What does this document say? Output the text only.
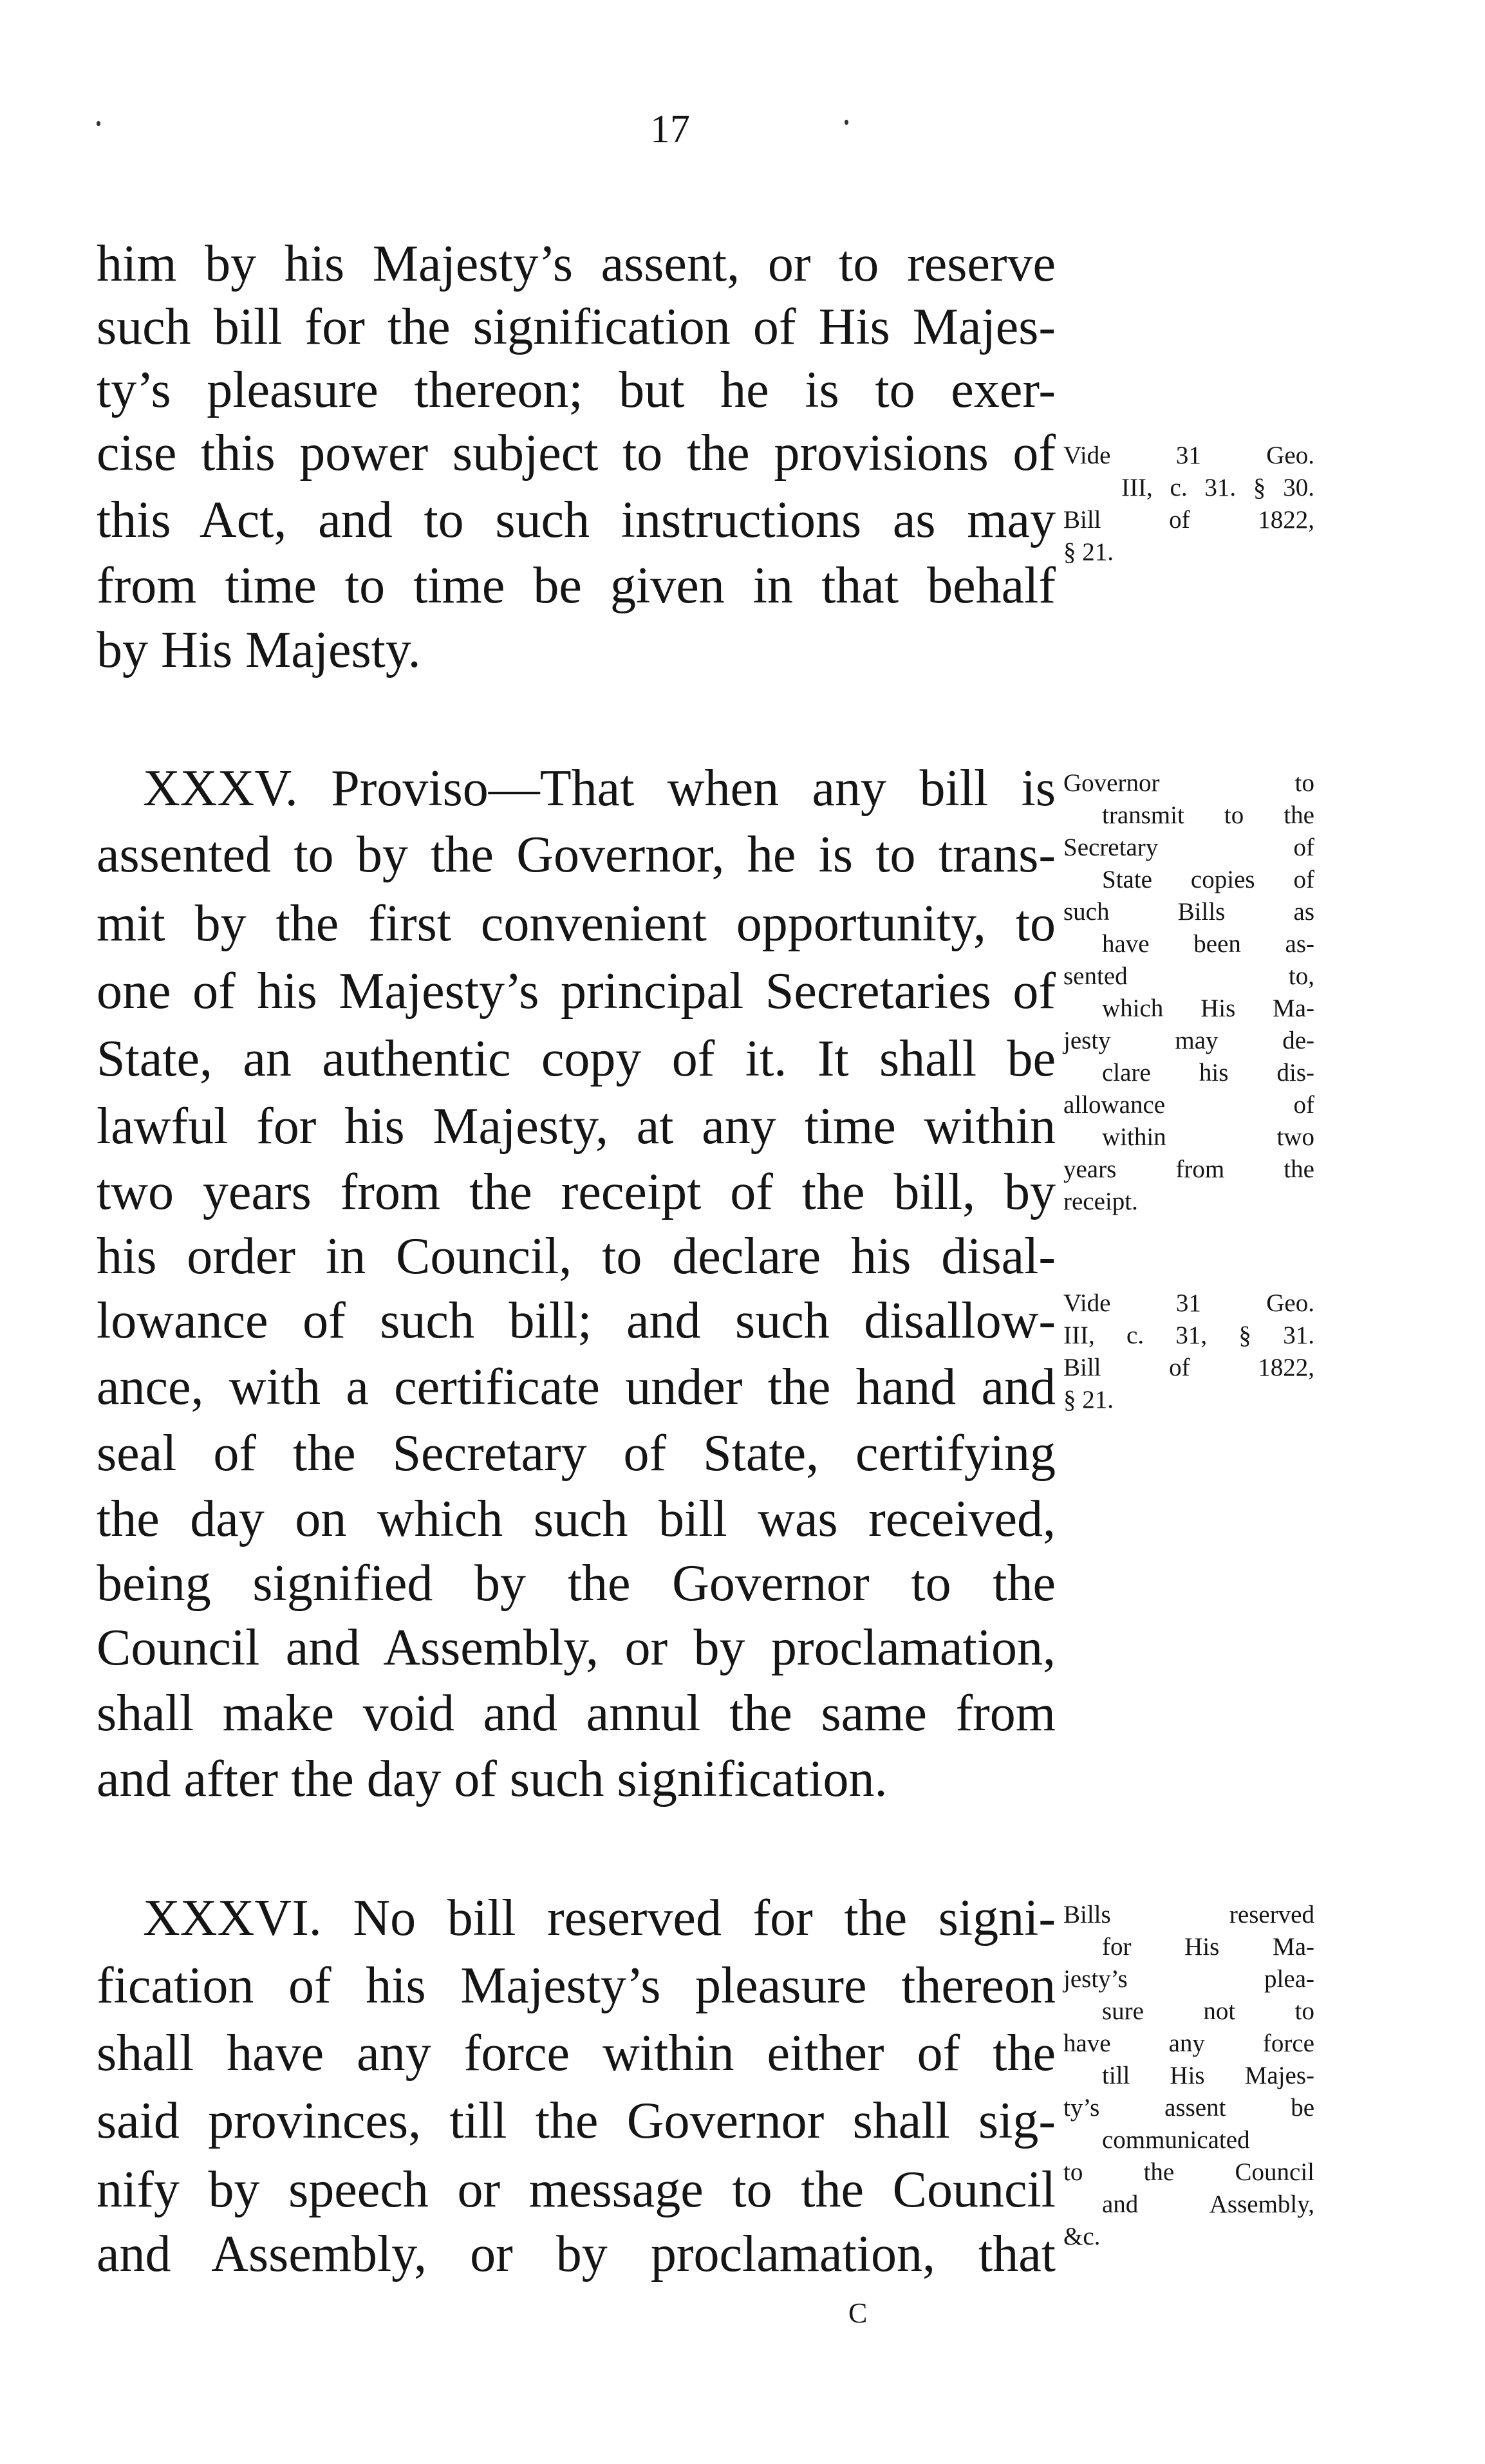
17
him by his Majesty’s assent, or to reserve
such bill for the signification of His Majes-
ty’s pleasure thereon; but he is to exer-
cise this power subject to the provisions of
this Act, and to such instructions as may
from time to time be given in that behalf
by His Majesty.
XXXV. Proviso—That when any bill is
assented to by the Governor, he is to trans-
mit by the first convenient opportunity, to
one of his Majesty’s principal Secretaries of
State, an authentic copy of it. It shall be
lawful for his Majesty, at any time within
two years from the receipt of the bill, by
his order in Council, to declare his disal-
lowance of such bill; and such disallow-
ance, with a certificate under the hand and
seal of the Secretary of State, certifying
the day on which such bill was received,
being signified by the Governor to the
Council and Assembly, or by proclamation,
shall make void and annul the same from
and after the day of such signification.
XXXVI. No bill reserved for the signi-
fication of his Majesty’s pleasure thereon
shall have any force within either of the
said provinces, till the Governor shall sig-
nify by speech or message to the Council
and Assembly, or by proclamation, that
Vide 31 Geo.
III, c. 31. § 30.
Bill of 1822,
§ 21.
Governor to
transmit to the
Secretary of
State copies of
such Bills as
have been as-
sented to,
which His Ma-
jesty may de-
clare his dis-
allowance of
within two
years from the
receipt.
Vide 31 Geo.
III, c. 31, § 31.
Bill of 1822,
§ 21.
Bills reserved
for His Ma-
jesty’s plea-
sure not to
have any force
till His Majes-
ty’s assent be
communicated
to the Council
and Assembly,
&c.
C
